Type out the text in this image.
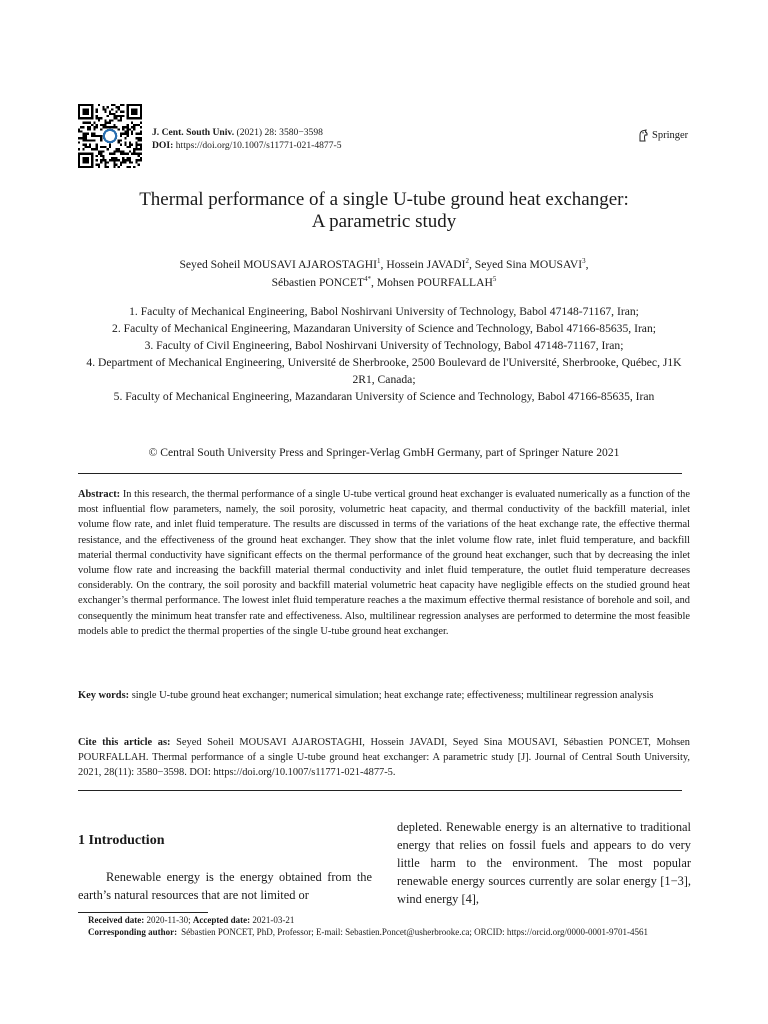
J. Cent. South Univ. (2021) 28: 3580−3598
DOI: https://doi.org/10.1007/s11771-021-4877-5
Springer
Thermal performance of a single U-tube ground heat exchanger:
A parametric study
Seyed Soheil MOUSAVI AJAROSTAGHI$^1$, Hossein JAVADI$^2$, Seyed Sina MOUSAVI$^3$,
Sébastien $PONCET^{4*}$, Mohsen POURFALLAH$^5$
1. Faculty of Mechanical Engineering, Babol Noshirvani University of Technology, Babol 47148-71167, Iran;
2. Faculty of Mechanical Engineering, Mazandaran University of Science and Technology, Babol 47166-85635, Iran;
3. Faculty of Civil Engineering, Babol Noshirvani University of Technology, Babol 47148-71167, Iran;
4. Department of Mechanical Engineering, Université de Sherbrooke, 2500 Boulevard de l'Université, Sherbrooke, Québec, J1K 2R1, Canada;
5. Faculty of Mechanical Engineering, Mazandaran University of Science and Technology, Babol 47166-85635, Iran
© Central South University Press and Springer-Verlag GmbH Germany, part of Springer Nature 2021
Abstract: In this research, the thermal performance of a single U-tube vertical ground heat exchanger is evaluated numerically as a function of the most influential flow parameters, namely, the soil porosity, volumetric heat capacity, and thermal conductivity of the backfill material, inlet volume flow rate, and inlet fluid temperature. The results are discussed in terms of the variations of the heat exchange rate, the effective thermal resistance, and the effectiveness of the ground heat exchanger. They show that the inlet volume flow rate, inlet fluid temperature, and backfill material thermal conductivity have significant effects on the thermal performance of the ground heat exchanger, such that by decreasing the inlet volume flow rate and increasing the backfill material thermal conductivity and inlet fluid temperature, the outlet fluid temperature decreases considerably. On the contrary, the soil porosity and backfill material volumetric heat capacity have negligible effects on the studied ground heat exchanger’s thermal performance. The lowest inlet fluid temperature reaches a the maximum effective thermal resistance of borehole and soil, and consequently the minimum heat transfer rate and effectiveness. Also, multilinear regression analyses are performed to determine the most feasible models able to predict the thermal properties of the single U-tube ground heat exchanger.
Key words: single U-tube ground heat exchanger; numerical simulation; heat exchange rate; effectiveness; multilinear regression analysis
Cite this article as: Seyed Soheil MOUSAVI AJAROSTAGHI, Hossein JAVADI, Seyed Sina MOUSAVI, Sébastien PONCET, Mohsen POURFALLAH. Thermal performance of a single U-tube ground heat exchanger: A parametric study [J]. Journal of Central South University, 2021, 28(11): 3580−3598. DOI: https://doi.org/10.1007/s11771-021-4877-5.
1 Introduction
Renewable energy is the energy obtained from the earth’s natural resources that are not limited or
depleted. Renewable energy is an alternative to traditional energy that relies on fossil fuels and appears to do very little harm to the environment. The most popular renewable energy sources currently are solar energy [1−3], wind energy [4],
Received date: 2020-11-30; Accepted date: 2021-03-21
Corresponding author: Sébastien PONCET, PhD, Professor; E-mail: Sebastien.Poncet@usherbrooke.ca; ORCID: https://orcid.org/0000-0001-9701-4561
